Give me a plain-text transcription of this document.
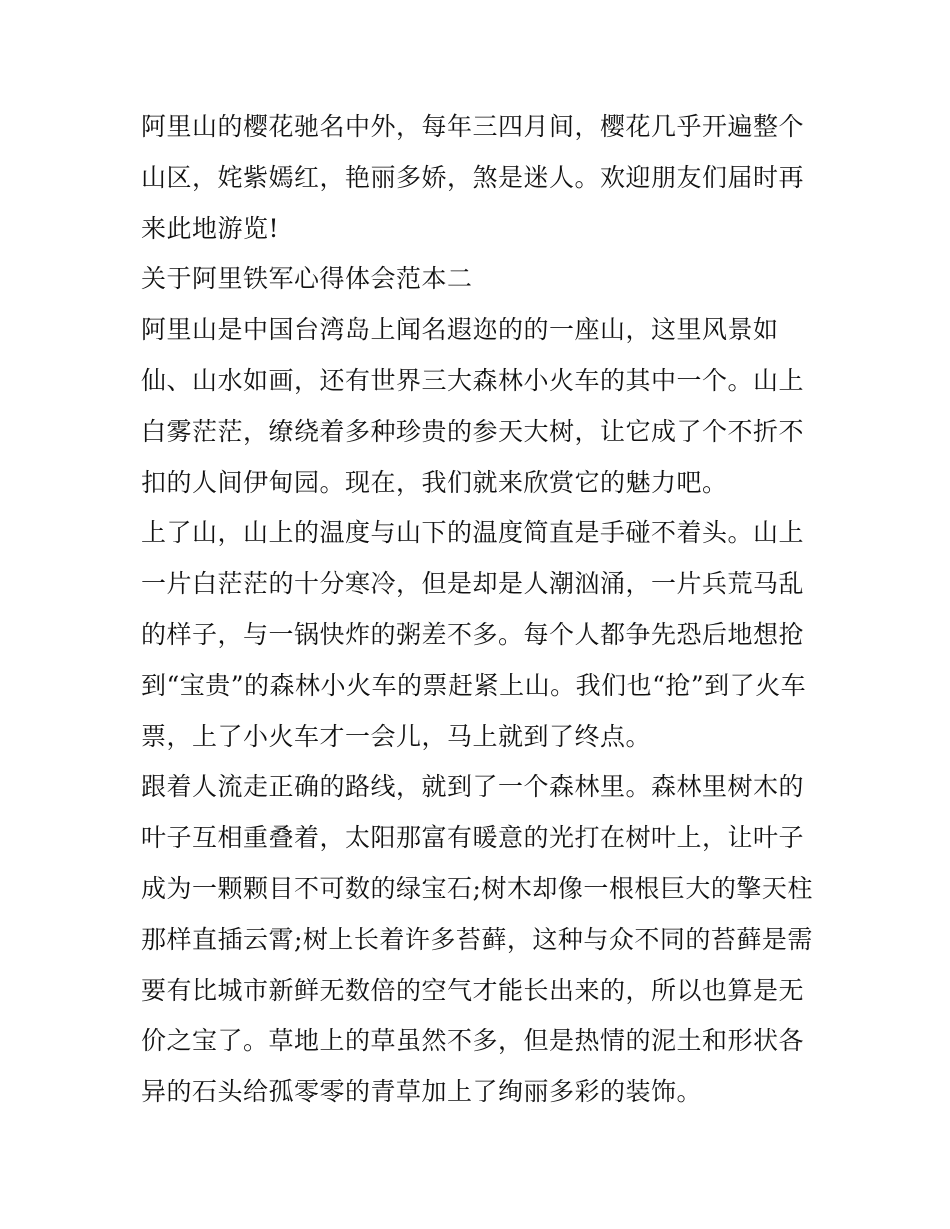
阿里山的樱花驰名中外，每年三四月间，樱花几乎开遍整个山区，姹紫嫣红，艳丽多娇，煞是迷人。欢迎朋友们届时再来此地游览!

关于阿里铁军心得体会范本二

阿里山是中国台湾岛上闻名遐迩的的一座山，这里风景如仙、山水如画，还有世界三大森林小火车的其中一个。山上白雾茫茫，缭绕着多种珍贵的参天大树，让它成了个不折不扣的人间伊甸园。现在，我们就来欣赏它的魅力吧。

上了山，山上的温度与山下的温度简直是手碰不着头。山上一片白茫茫的十分寒冷，但是却是人潮汹涌，一片兵荒马乱的样子，与一锅快炸的粥差不多。每个人都争先恐后地想抢到“宝贵”的森林小火车的票赶紧上山。我们也“抢”到了火车票，上了小火车才一会儿，马上就到了终点。

跟着人流走正确的路线，就到了一个森林里。森林里树木的叶子互相重叠着，太阳那富有暖意的光打在树叶上，让叶子成为一颗颗目不可数的绿宝石;树木却像一根根巨大的擎天柱那样直插云霄;树上长着许多苔藓，这种与众不同的苔藓是需要有比城市新鲜无数倍的空气才能长出来的，所以也算是无价之宝了。草地上的草虽然不多，但是热情的泥土和形状各异的石头给孤零零的青草加上了绚丽多彩的装饰。
